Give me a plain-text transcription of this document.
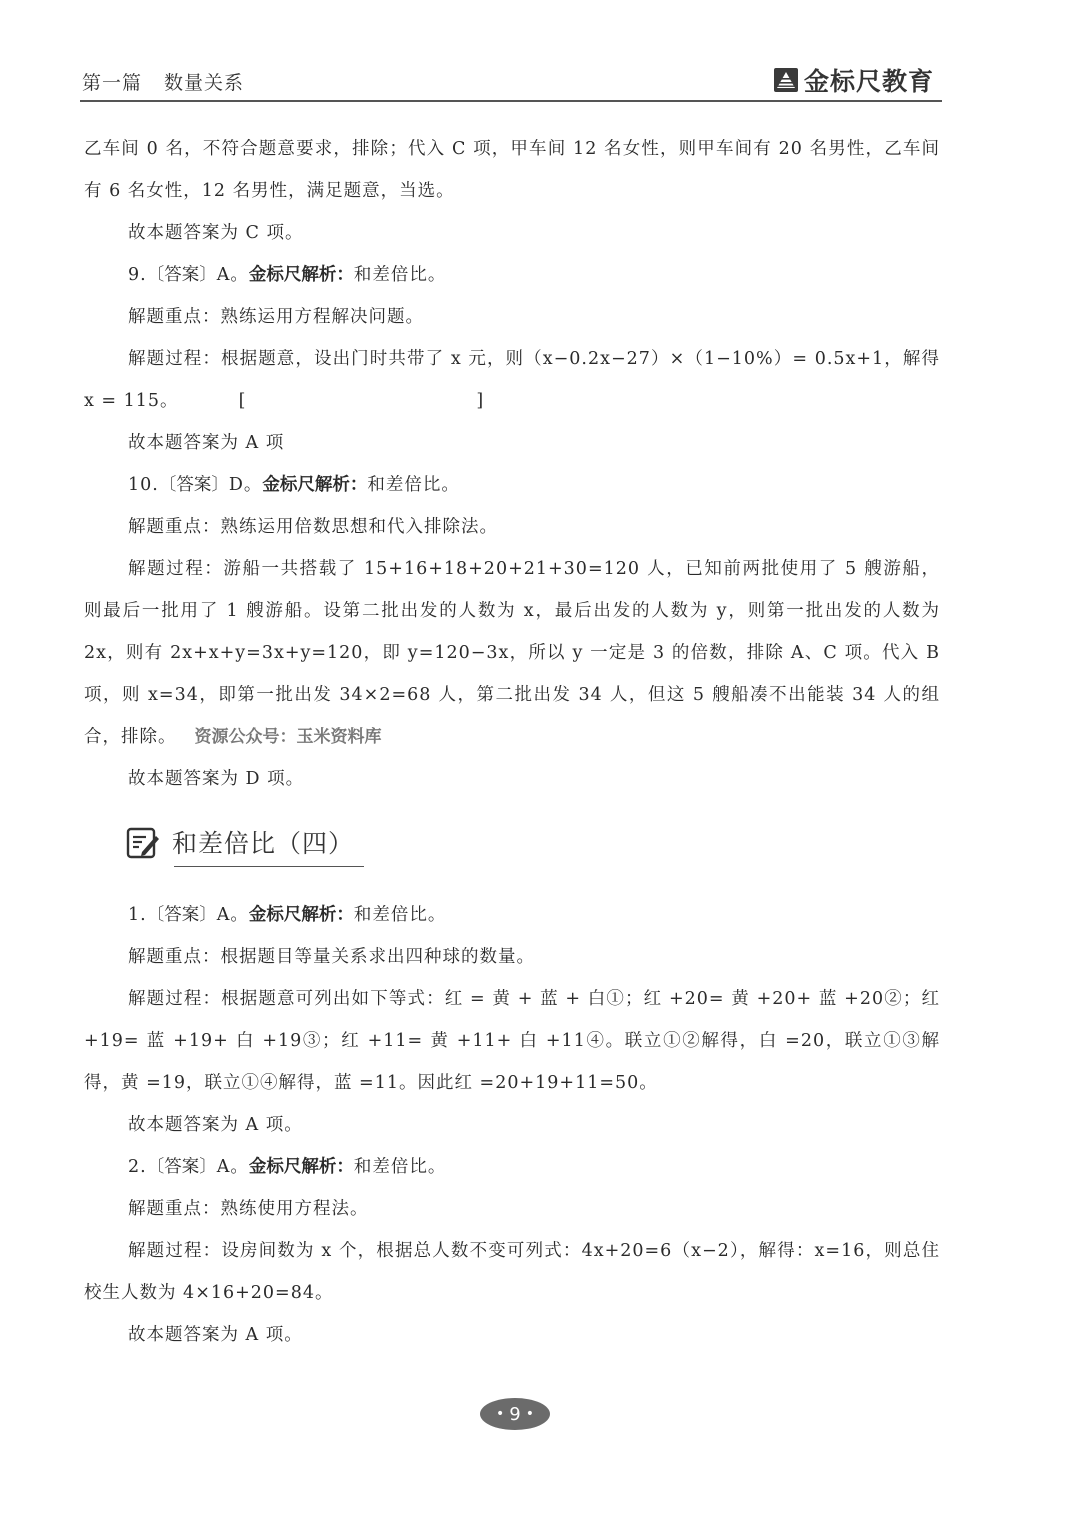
第一篇 数量关系	金标尺教育

乙车间 0 名，不符合题意要求，排除；代入 C 项，甲车间 12 名女性，则甲车间有 20 名男性，乙车间有 6 名女性，12 名男性，满足题意，当选。

故本题答案为 C 项。

9.〔答案〕A。金标尺解析：和差倍比。

解题重点：熟练运用方程解决问题。

解题过程：根据题意，设出门时共带了 x 元，则（x−0.2x−27）×（1−10%）= 0.5x+1，解得 x = 115。	[	]

故本题答案为 A 项

10.〔答案〕D。金标尺解析：和差倍比。

解题重点：熟练运用倍数思想和代入排除法。

解题过程：游船一共搭载了 15+16+18+20+21+30=120 人，已知前两批使用了 5 艘游船，则最后一批用了 1 艘游船。设第二批出发的人数为 x，最后出发的人数为 y，则第一批出发的人数为 2x，则有 2x+x+y=3x+y=120，即 y=120−3x，所以 y 一定是 3 的倍数，排除 A、C 项。代入 B 项，则 x=34，即第一批出发 34×2=68 人，第二批出发 34 人，但这 5 艘船凑不出能装 34 人的组合，排除。 资源公众号：玉米资料库

故本题答案为 D 项。

和差倍比（四）

1.〔答案〕A。金标尺解析：和差倍比。

解题重点：根据题目等量关系求出四种球的数量。

解题过程：根据题意可列出如下等式：红 = 黄 + 蓝 + 白①；红 +20= 黄 +20+ 蓝 +20②；红 +19= 蓝 +19+ 白 +19③；红 +11= 黄 +11+ 白 +11④。联立①②解得，白 =20，联立①③解得，黄 =19，联立①④解得，蓝 =11。因此红 =20+19+11=50。

故本题答案为 A 项。

2.〔答案〕A。金标尺解析：和差倍比。

解题重点：熟练使用方程法。

解题过程：设房间数为 x 个，根据总人数不变可列式：4x+20=6（x−2），解得：x=16，则总住校生人数为 4×16+20=84。

故本题答案为 A 项。

• 9 •
